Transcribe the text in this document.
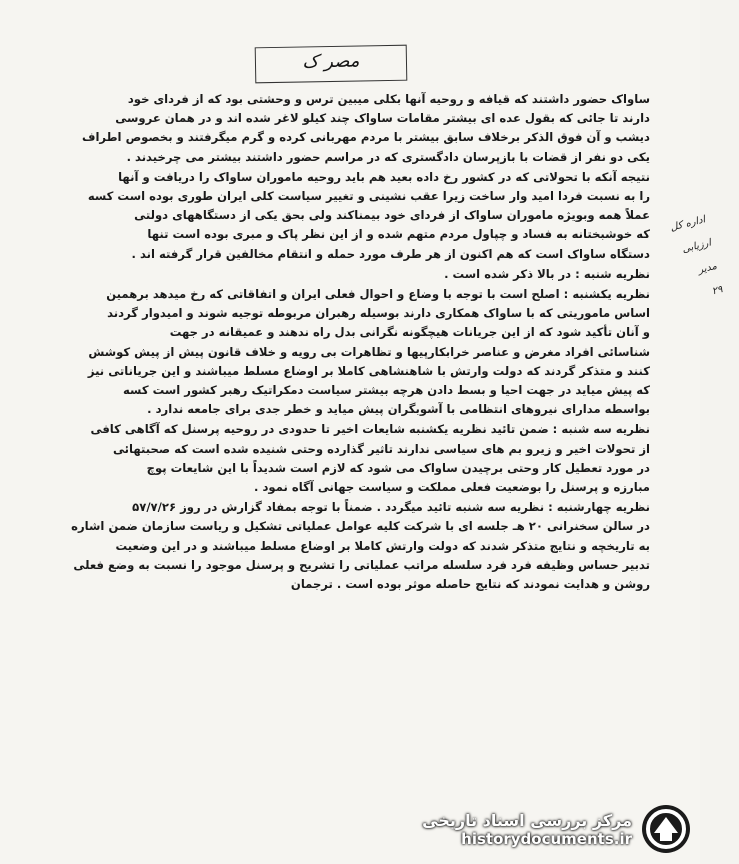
مصر ک
ساواک حضور داشتند که قیافه و روحیه آنها بکلی میبین ترس و وحشتی بود که از فردای خود
دارند تا جائی که بقول عده ای بیشتر مقامات ساواک چند کیلو لاغر شده اند و در همان عروسی
دیشب و آن فوق الذکر برخلاف سابق بیشتر با مردم مهربانی کرده و گرم میگرفتند و بخصوص اطراف
یکی دو نفر از قضات با بازپرسان دادگستری که در مراسم حضور داشتند بیشتر می چرخیدند .
نتیجه آنکه با تحولاتی که در کشور رخ داده بعید هم باید روحیه ماموران ساواک را دریافت و آنها
را به نسبت فردا امید وار ساخت زیرا عقب نشینی و تغییر سیاست کلی ایران طوری بوده است کسه
عملاً همه وبویژه ماموران ساواک از فردای خود بیمناکند ولی بحق یکی از دستگاههای دولتی
که خوشبختانه به فساد و چپاول مردم متهم شده و از این نظر پاک و مبری بوده است تنها
دستگاه ساواک است که هم اکنون از هر طرف مورد حمله و انتقام مخالفین قرار گرفته اند .
نظریه شنبه : در بالا ذکر شده است .
نظریه یکشنبه : اصلح است با توجه با وضاع و احوال فعلی ایران و اتفاقاتی که رخ میدهد برهمین
اساس ماموریتی که با ساواک همکاری دارند بوسیله رهبران مربوطه توجیه شوند و امیدوار گردند
و آنان تأکید شود که از این جریانات هیچگونه نگرانی بدل راه ندهند و عمیقانه در جهت
شناسائی افراد مغرض و عناصر خرابکارپیها و تظاهرات بی رویه و خلاف قانون پیش از پیش کوشش
کنند و متذکر گردند که دولت وارتش با شاهنشاهی کاملا بر اوضاع مسلط میباشند و این جریاناتی نیز
که پیش میاید در جهت احیا و بسط دادن هرچه بیشتر سیاست دمکراتیک رهبر کشور است کسه
بواسطه مدارای نیروهای انتظامی با آشوبگران پیش میاید و خطر جدی برای جامعه ندارد .
نظریه سه شنبه : ضمن تائید نظریه یکشنبه شایعات اخیر تا حدودی در روحیه پرسنل که آگاهی کافی
از تحولات اخیر و زیرو بم های سیاسی ندارند تاثیر گذارده وحتی شنیده شده است که صحبتهائی
در مورد تعطیل کار وحتی برچیدن ساواک می شود که لازم است شدیداً با این شایعات پوچ
مبارزه و پرسنل را بوضعیت فعلی مملکت و سیاست جهانی آگاه نمود .
نظریه چهارشنبه : نظریه سه شنبه تائید میگردد . ضمناً با توجه بمفاد گزارش در روز ۵۷/۷/۲۶
در سالن سخنرانی ۲۰ هـ جلسه ای با شرکت کلیه عوامل عملیاتی تشکیل و ریاست سازمان ضمن اشاره
به تاریخچه و نتایج متذکر شدند که دولت وارتش کاملا بر اوضاع مسلط میباشند و در این وضعیت
تدبیر حساس وظیفه فرد فرد سلسله مراتب عملیاتی را تشریح و پرسنل موجود را نسبت به وضع فعلی
روشن و هدایت نمودند که نتایج حاصله موثر بوده است . ترجمان
اداره کل
ارزیابی
مدیر
۲۹
مرکز بررسی اسناد تاریخی
historydocuments.ir
